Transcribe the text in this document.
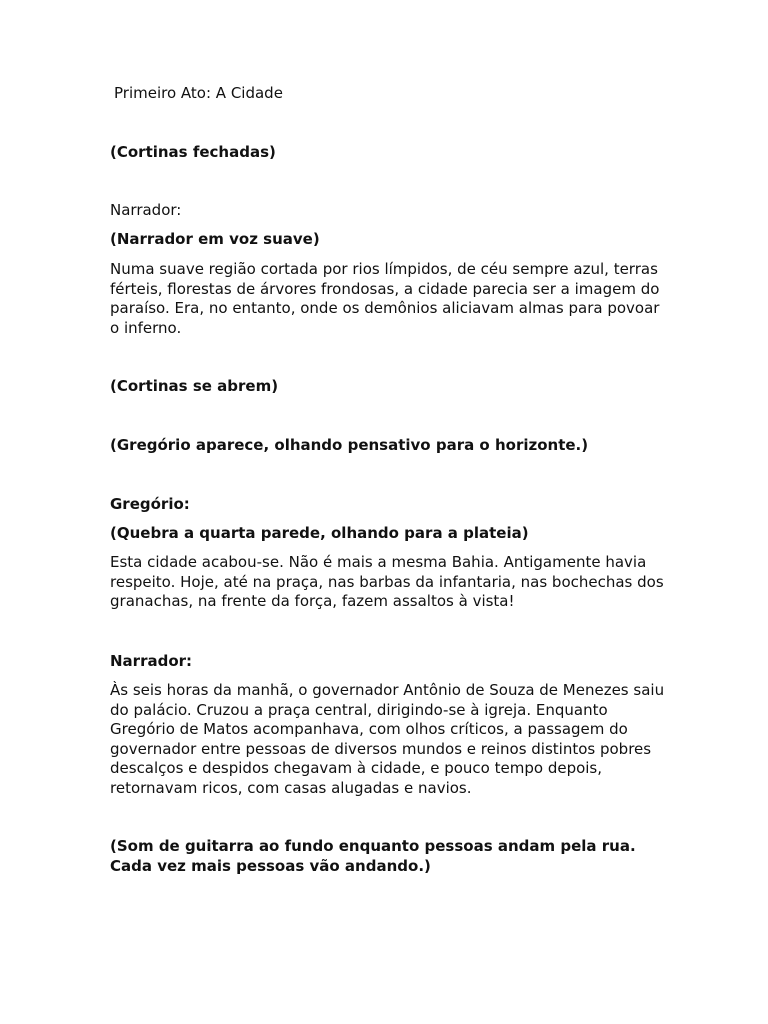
Primeiro Ato: A Cidade

(Cortinas fechadas)

Narrador:

(Narrador em voz suave)

Numa suave região cortada por rios límpidos, de céu sempre azul, terras férteis, florestas de árvores frondosas, a cidade parecia ser a imagem do paraíso. Era, no entanto, onde os demônios aliciavam almas para povoar o inferno.

(Cortinas se abrem)

(Gregório aparece, olhando pensativo para o horizonte.)

Gregório:

(Quebra a quarta parede, olhando para a plateia)

Esta cidade acabou-se. Não é mais a mesma Bahia. Antigamente havia respeito. Hoje, até na praça, nas barbas da infantaria, nas bochechas dos granachas, na frente da força, fazem assaltos à vista!

Narrador:

Às seis horas da manhã, o governador Antônio de Souza de Menezes saiu do palácio. Cruzou a praça central, dirigindo-se à igreja. Enquanto Gregório de Matos acompanhava, com olhos críticos, a passagem do governador entre pessoas de diversos mundos e reinos distintos pobres descalços e despidos chegavam à cidade, e pouco tempo depois, retornavam ricos, com casas alugadas e navios.

(Som de guitarra ao fundo enquanto pessoas andam pela rua. Cada vez mais pessoas vão andando.)
